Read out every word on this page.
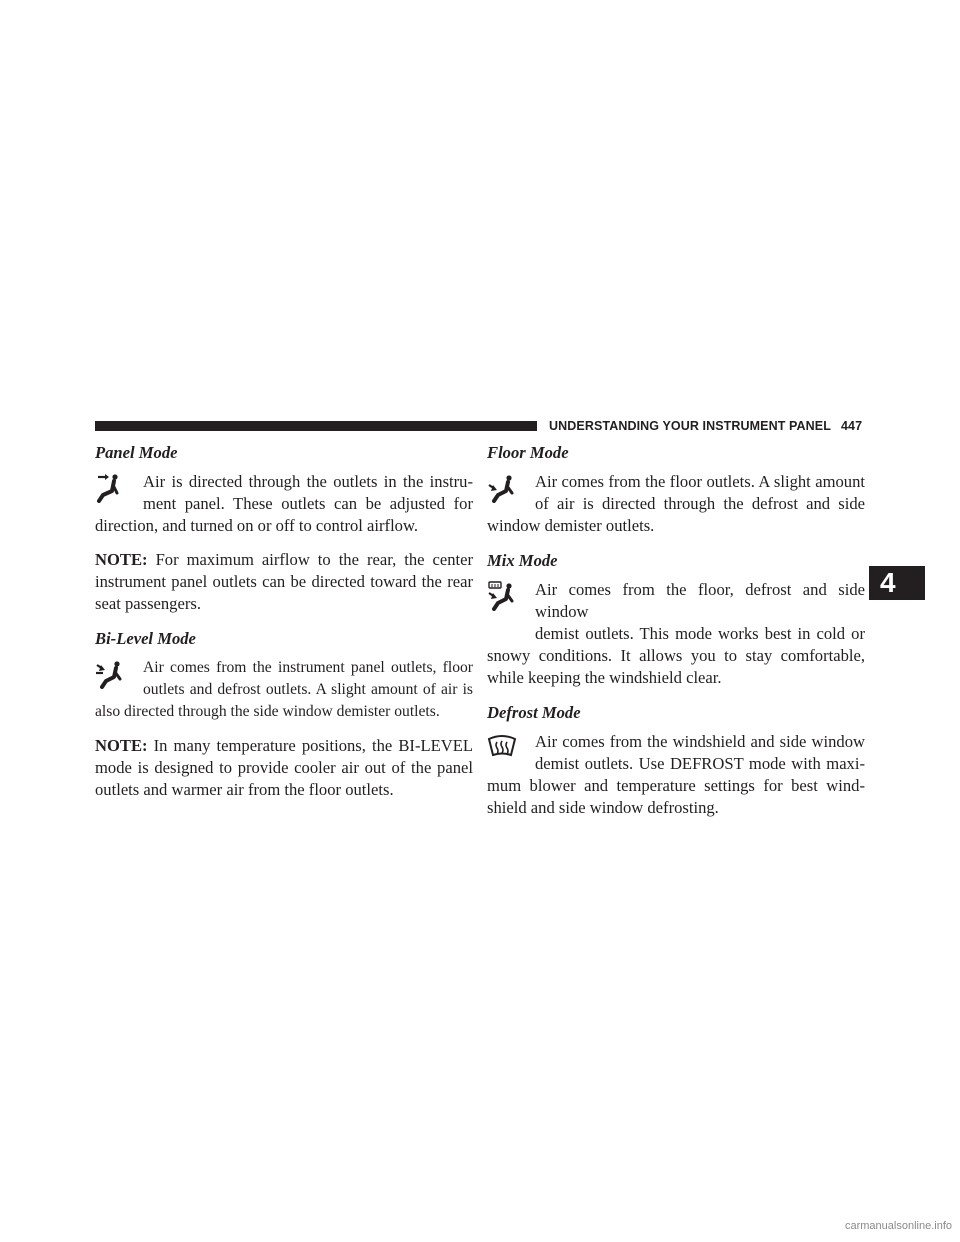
UNDERSTANDING YOUR INSTRUMENT PANEL 447
4
Panel Mode

Air is directed through the outlets in the instru-

ment panel. These outlets can be adjusted for

direction, and turned on or off to control airflow.

NOTE: For maximum airflow to the rear, the center instrument panel outlets can be directed toward the rear seat passengers.

Bi-Level Mode

Air comes from the instrument panel outlets, floor

outlets and defrost outlets. A slight amount of air is

also directed through the side window demister outlets.

NOTE: In many temperature positions, the BI-LEVEL mode is designed to provide cooler air out of the panel outlets and warmer air from the floor outlets.

Floor Mode

Air comes from the floor outlets. A slight amount

of air is directed through the defrost and side

window demister outlets.

Mix Mode

Air comes from the floor, defrost and side window

demist outlets. This mode works best in cold or

snowy conditions. It allows you to stay comfortable,

while keeping the windshield clear.

Defrost Mode

Air comes from the windshield and side window

demist outlets. Use DEFROST mode with maxi-

mum blower and temperature settings for best wind-

shield and side window defrosting.

carmanualsonline.info
